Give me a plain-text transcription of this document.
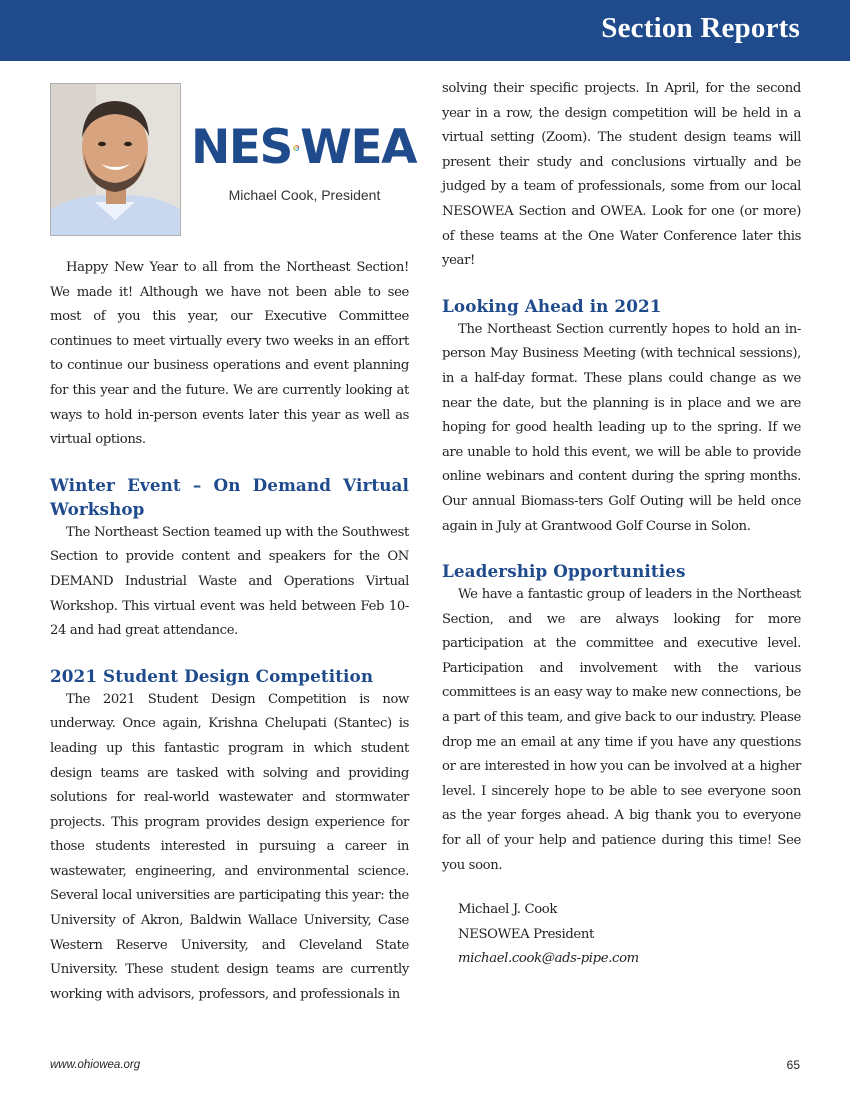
Section Reports
NES WEA
Michael Cook, President

Happy New Year to all from the Northeast Section! We made it! Although we have not been able to see most of you this year, our Executive Committee continues to meet virtually every two weeks in an effort to continue our business operations and event planning for this year and the future. We are currently looking at ways to hold in-person events later this year as well as virtual options.

Winter Event – On Demand Virtual Workshop

The Northeast Section teamed up with the Southwest Section to provide content and speakers for the ON DEMAND Industrial Waste and Operations Virtual Workshop. This virtual event was held between Feb 10-24 and had great attendance.

2021 Student Design Competition

The 2021 Student Design Competition is now underway. Once again, Krishna Chelupati (Stantec) is leading up this fantastic program in which student design teams are tasked with solving and providing solutions for real-world wastewater and stormwater projects. This program provides design experience for those students interested in pursuing a career in wastewater, engineering, and environmental science. Several local universities are participating this year: the University of Akron, Baldwin Wallace University, Case Western Reserve University, and Cleveland State University. These student design teams are currently working with advisors, professors, and professionals in

solving their specific projects. In April, for the second year in a row, the design competition will be held in a virtual setting (Zoom). The student design teams will present their study and conclusions virtually and be judged by a team of professionals, some from our local NESOWEA Section and OWEA. Look for one (or more) of these teams at the One Water Conference later this year!

Looking Ahead in 2021

The Northeast Section currently hopes to hold an in-person May Business Meeting (with technical sessions), in a half-day format. These plans could change as we near the date, but the planning is in place and we are hoping for good health leading up to the spring. If we are unable to hold this event, we will be able to provide online webinars and content during the spring months. Our annual Biomass-ters Golf Outing will be held once again in July at Grantwood Golf Course in Solon.

Leadership Opportunities

We have a fantastic group of leaders in the Northeast Section, and we are always looking for more participation at the committee and executive level. Participation and involvement with the various committees is an easy way to make new connections, be a part of this team, and give back to our industry. Please drop me an email at any time if you have any questions or are interested in how you can be involved at a higher level. I sincerely hope to be able to see everyone soon as the year forges ahead. A big thank you to everyone for all of your help and patience during this time! See you soon.

Michael J. Cook

NESOWEA President

michael.cook@ads-pipe.com

www.ohiowea.org	65
